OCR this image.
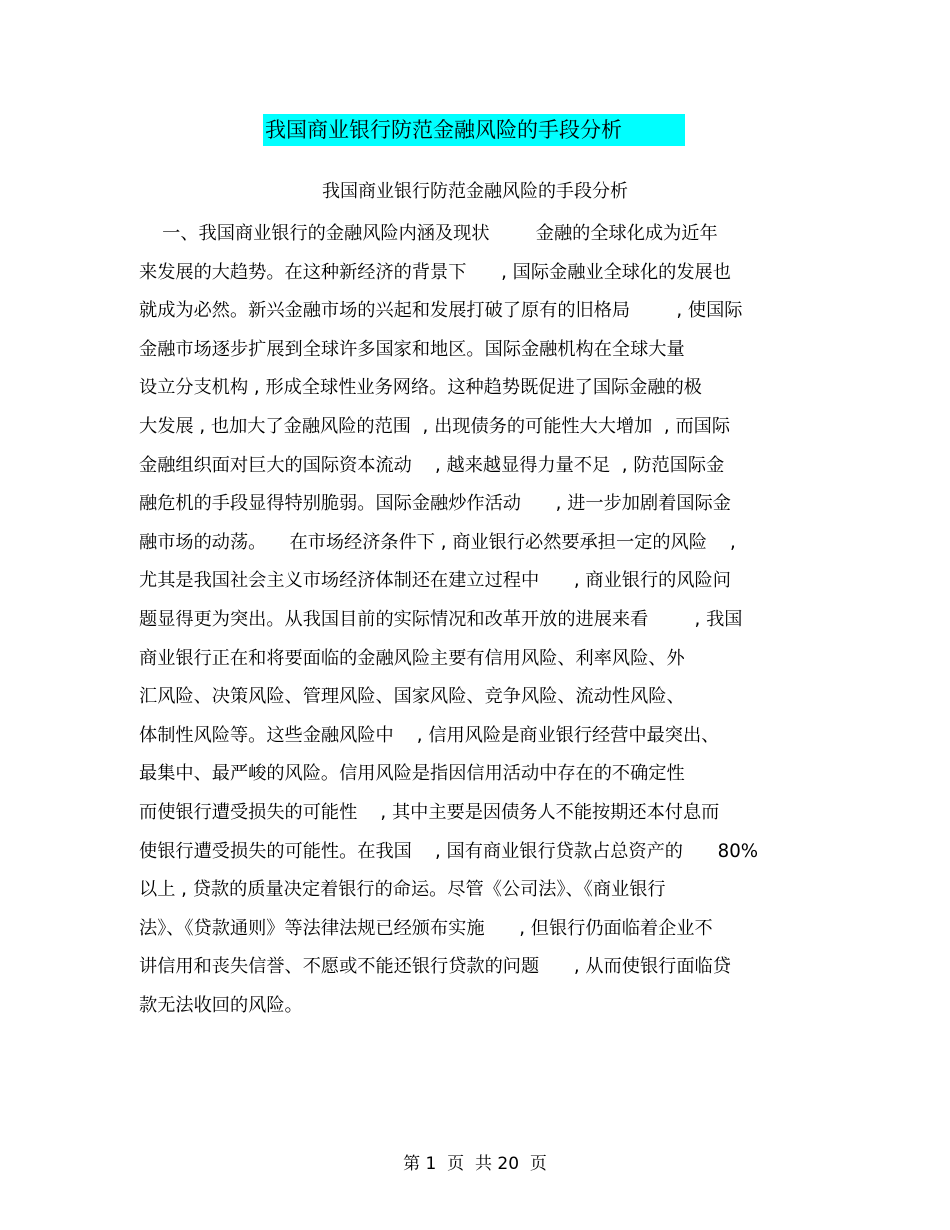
我国商业银行防范金融风险的手段分析
我国商业银行防范金融风险的手段分析
一、我国商业银行的金融风险内涵及现状        金融的全球化成为近年
来发展的大趋势。在这种新经济的背景下      , 国际金融业全球化的发展也
就成为必然。新兴金融市场的兴起和发展打破了原有的旧格局        , 使国际
金融市场逐步扩展到全球许多国家和地区。国际金融机构在全球大量
设立分支机构 , 形成全球性业务网络。这种趋势既促进了国际金融的极
大发展 , 也加大了金融风险的范围  , 出现债务的可能性大大增加  , 而国际
金融组织面对巨大的国际资本流动    , 越来越显得力量不足  , 防范国际金
融危机的手段显得特别脆弱。国际金融炒作活动      , 进一步加剧着国际金
融市场的动荡。    在市场经济条件下 , 商业银行必然要承担一定的风险    ,
尤其是我国社会主义市场经济体制还在建立过程中      , 商业银行的风险问
题显得更为突出。从我国目前的实际情况和改革开放的进展来看        , 我国
商业银行正在和将要面临的金融风险主要有信用风险、利率风险、外
汇风险、决策风险、管理风险、国家风险、竞争风险、流动性风险、
体制性风险等。这些金融风险中    , 信用风险是商业银行经营中最突出、
最集中、最严峻的风险。信用风险是指因信用活动中存在的不确定性
而使银行遭受损失的可能性    , 其中主要是因债务人不能按期还本付息而
使银行遭受损失的可能性。在我国    , 国有商业银行贷款占总资产的      80%
以上 , 贷款的质量决定着银行的命运。尽管《公司法》、《商业银行
法》、《贷款通则》等法律法规已经颁布实施      , 但银行仍面临着企业不
讲信用和丧失信誉、不愿或不能还银行贷款的问题      , 从而使银行面临贷
款无法收回的风险。
第 1  页  共 20  页
